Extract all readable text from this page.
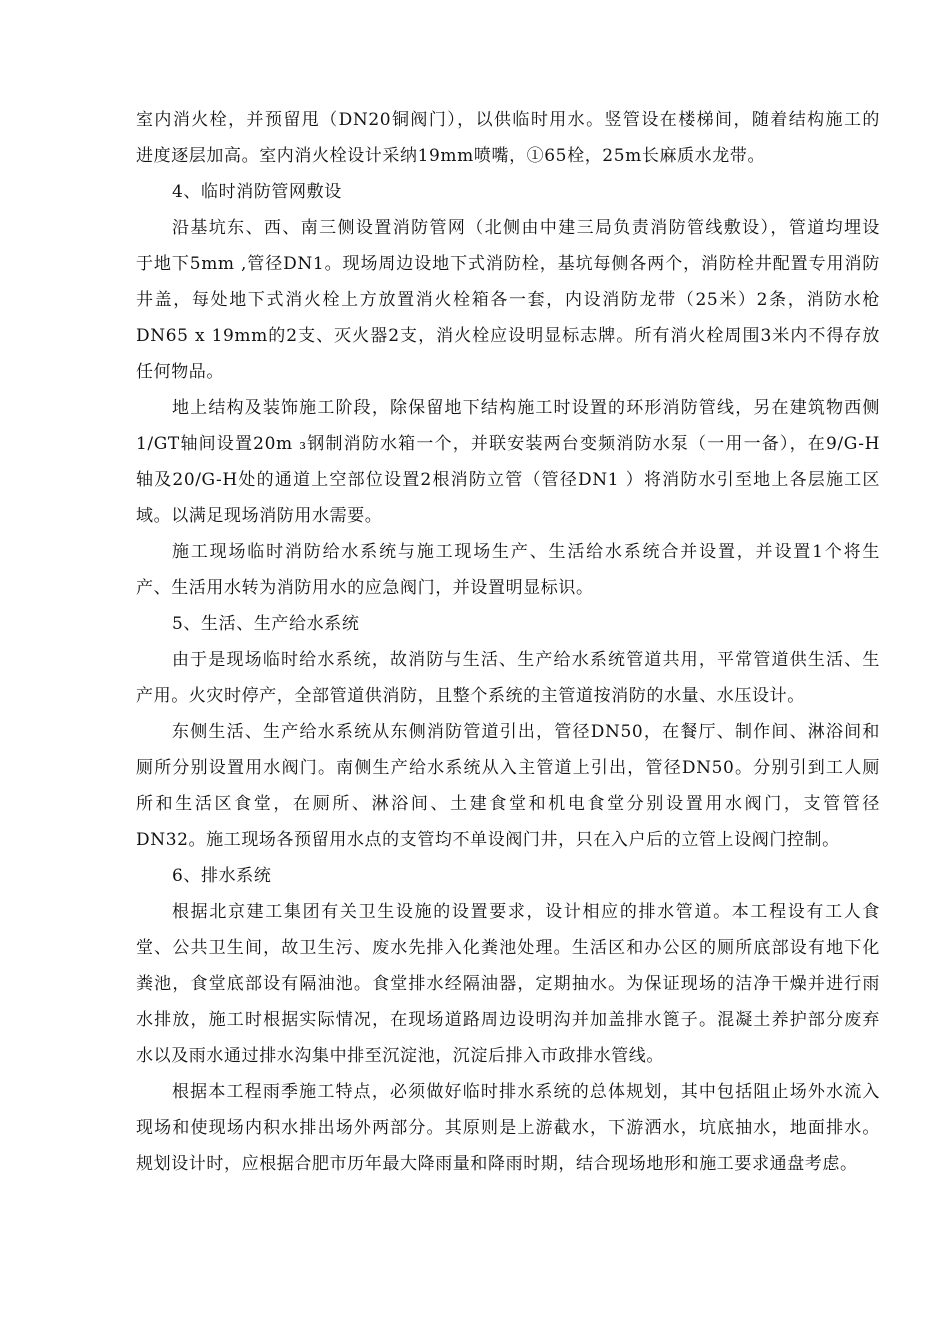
室内消火栓，并预留甩（DN20铜阀门），以供临时用水。竖管设在楼梯间，随着结构施工的
进度逐层加高。室内消火栓设计采纳19mm喷嘴，①65栓，25m长麻质水龙带。
4、临时消防管网敷设
沿基坑东、西、南三侧设置消防管网（北侧由中建三局负责消防管线敷设），管道均埋设
于地下5mm ,管径DN1。现场周边设地下式消防栓，基坑每侧各两个，消防栓井配置专用消防
井盖，每处地下式消火栓上方放置消火栓箱各一套，内设消防龙带（25米）2条，消防水枪
DN65 x 19mm的2支、灭火器2支，消火栓应设明显标志牌。所有消火栓周围3米内不得存放
任何物品。
地上结构及装饰施工阶段，除保留地下结构施工时设置的环形消防管线，另在建筑物西侧
1/GT轴间设置20m ₃钢制消防水箱一个，并联安装两台变频消防水泵（一用一备），在9/G-H
轴及20/G-H处的通道上空部位设置2根消防立管（管径DN1 ）将消防水引至地上各层施工区
域。以满足现场消防用水需要。
施工现场临时消防给水系统与施工现场生产、生活给水系统合并设置，并设置1个将生
产、生活用水转为消防用水的应急阀门，并设置明显标识。
5、生活、生产给水系统
由于是现场临时给水系统，故消防与生活、生产给水系统管道共用，平常管道供生活、生
产用。火灾时停产，全部管道供消防，且整个系统的主管道按消防的水量、水压设计。
东侧生活、生产给水系统从东侧消防管道引出，管径DN50，在餐厅、制作间、淋浴间和
厕所分别设置用水阀门。南侧生产给水系统从入主管道上引出，管径DN50。分别引到工人厕
所和生活区食堂，在厕所、淋浴间、土建食堂和机电食堂分别设置用水阀门，支管管径
DN32。施工现场各预留用水点的支管均不单设阀门井，只在入户后的立管上设阀门控制。
6、排水系统
根据北京建工集团有关卫生设施的设置要求，设计相应的排水管道。本工程设有工人食
堂、公共卫生间，故卫生污、废水先排入化粪池处理。生活区和办公区的厕所底部设有地下化
粪池，食堂底部设有隔油池。食堂排水经隔油器，定期抽水。为保证现场的洁净干燥并进行雨
水排放，施工时根据实际情况，在现场道路周边设明沟并加盖排水篦子。混凝土养护部分废弃
水以及雨水通过排水沟集中排至沉淀池，沉淀后排入市政排水管线。
根据本工程雨季施工特点，必须做好临时排水系统的总体规划，其中包括阻止场外水流入
现场和使现场内积水排出场外两部分。其原则是上游截水，下游洒水，坑底抽水，地面排水。
规划设计时，应根据合肥市历年最大降雨量和降雨时期，结合现场地形和施工要求通盘考虑。
